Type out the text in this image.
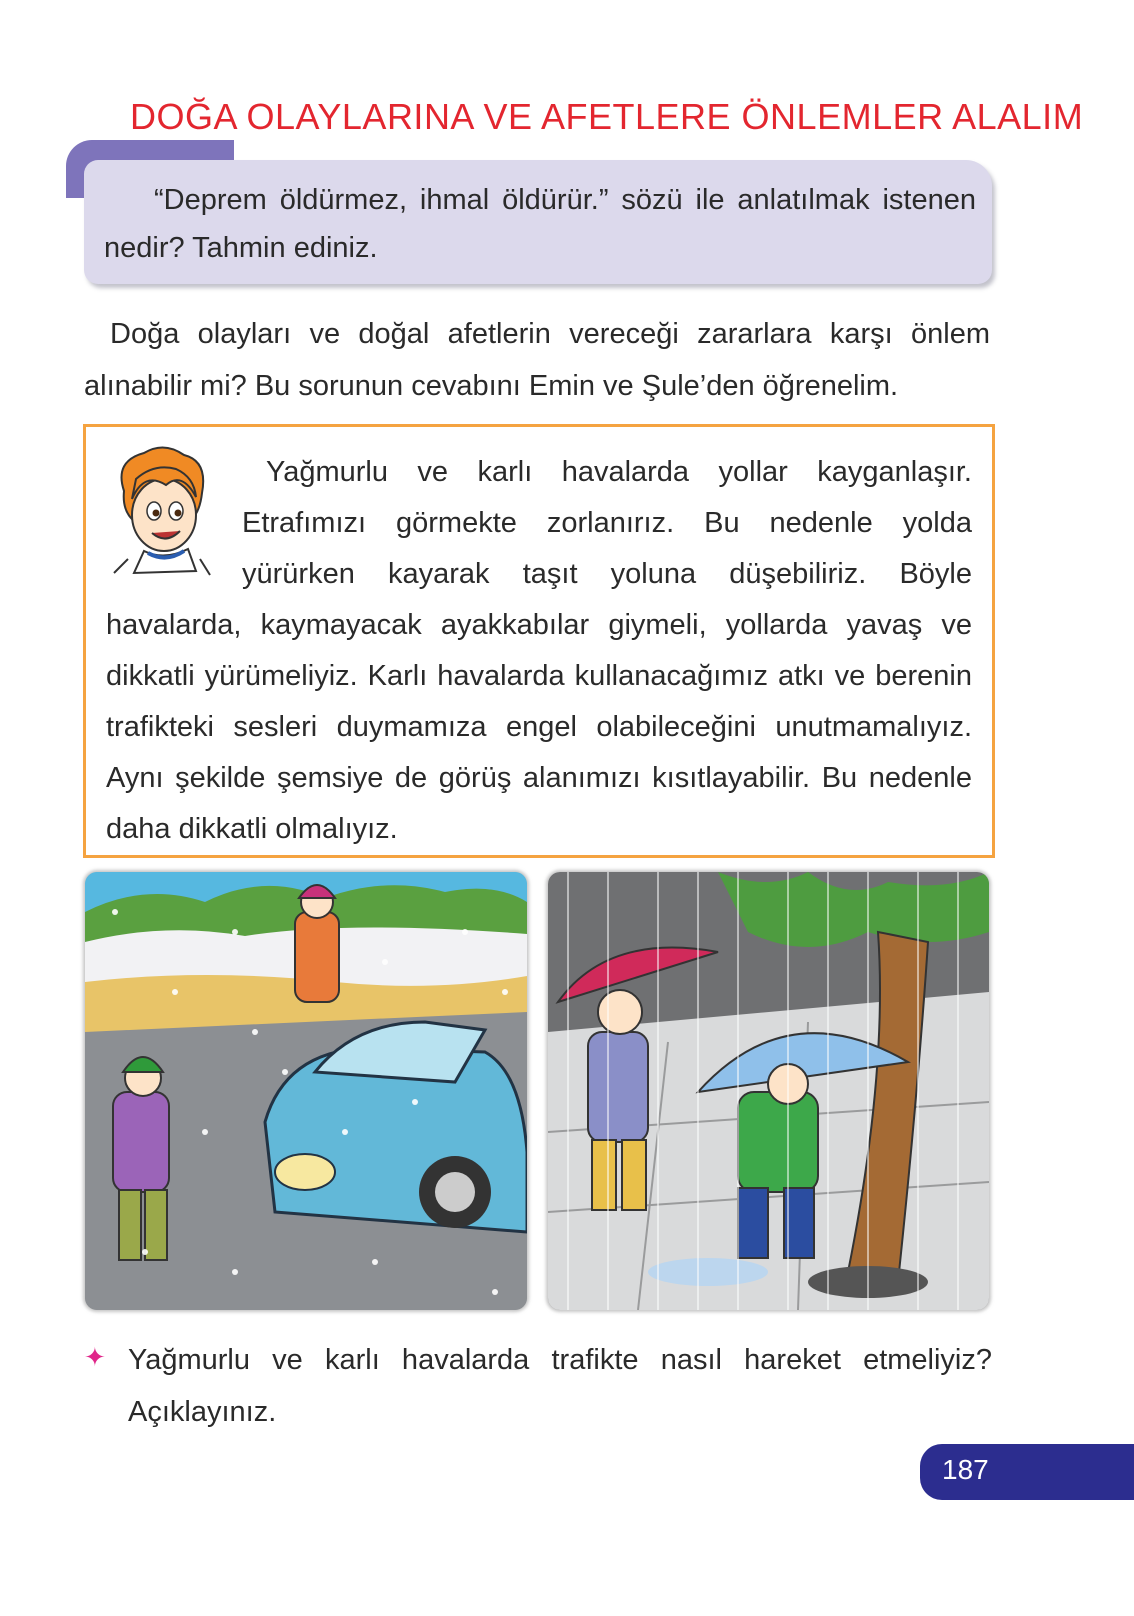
DOĞA OLAYLARINA VE AFETLERE ÖNLEMLER ALALIM
“Deprem öldürmez, ihmal öldürür.” sözü ile anlatılmak istenen nedir? Tahmin ediniz.
Doğa olayları ve doğal afetlerin vereceği zararlara karşı önlem alınabilir mi? Bu sorunun cevabını Emin ve Şule’den öğrenelim.
Yağmurlu ve karlı havalarda yollar kayganlaşır. Etrafımızı görmekte zorlanırız. Bu nedenle yolda yürürken kayarak taşıt yoluna düşebiliriz. Böyle havalarda, kaymayacak ayakkabılar giymeli, yollarda yavaş ve dikkatli yürümeliyiz. Karlı havalarda kullanacağımız atkı ve berenin trafikteki sesleri duymamıza engel olabileceğini unutmamalıyız. Aynı şekilde şemsiye de görüş alanımızı kısıtlayabilir. Bu nedenle daha dikkatli olmalıyız.
✦ Yağmurlu ve karlı havalarda trafikte nasıl hareket etmeliyiz? Açıklayınız.
187
